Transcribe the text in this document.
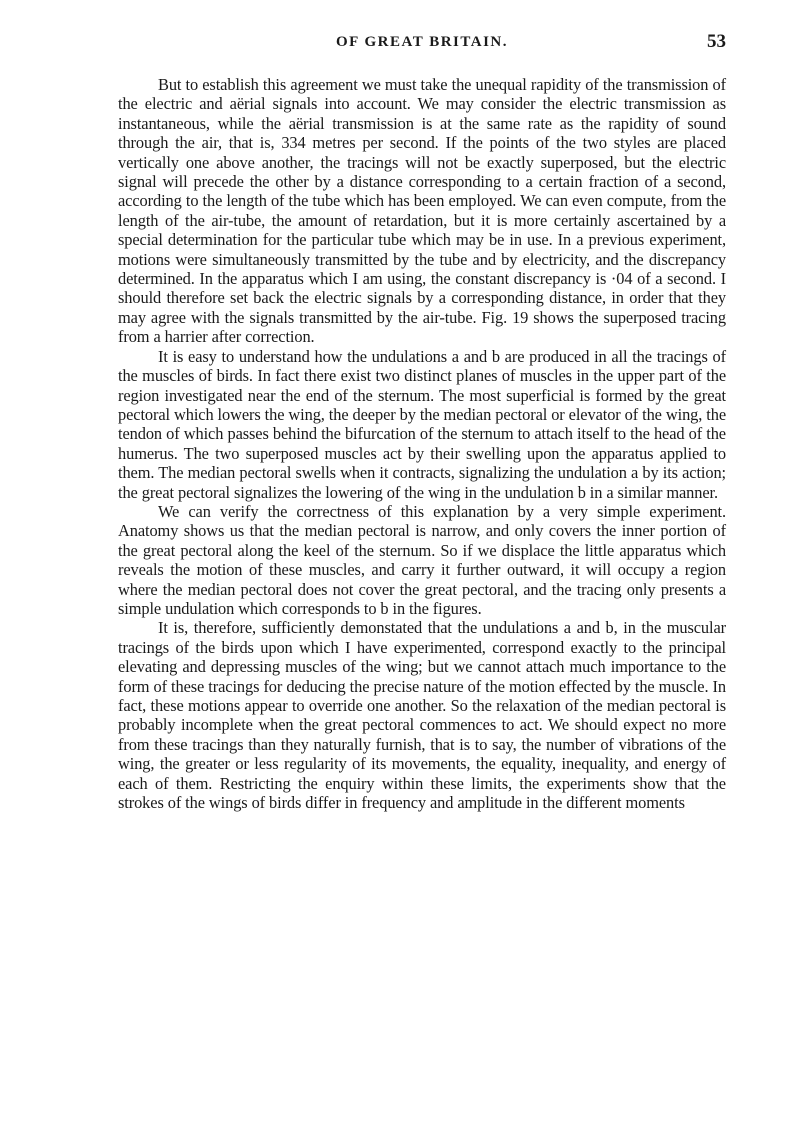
OF GREAT BRITAIN.	53

But to establish this agreement we must take the unequal rapidity of the transmission of the electric and aërial signals into account. We may consider the electric transmission as instantaneous, while the aërial transmission is at the same rate as the rapidity of sound through the air, that is, 334 metres per second. If the points of the two styles are placed vertically one above another, the tracings will not be exactly superposed, but the electric signal will precede the other by a distance corresponding to a certain fraction of a second, according to the length of the tube which has been employed. We can even compute, from the length of the air-tube, the amount of retardation, but it is more certainly ascertained by a special determination for the particular tube which may be in use. In a previous experiment, motions were simultaneously transmitted by the tube and by electricity, and the discrepancy determined. In the apparatus which I am using, the constant discrepancy is ·04 of a second. I should therefore set back the electric signals by a corresponding distance, in order that they may agree with the signals transmitted by the air-tube. Fig. 19 shows the superposed tracing from a harrier after correction.

It is easy to understand how the undulations a and b are produced in all the tracings of the muscles of birds. In fact there exist two distinct planes of muscles in the upper part of the region investigated near the end of the sternum. The most superficial is formed by the great pectoral which lowers the wing, the deeper by the median pectoral or elevator of the wing, the tendon of which passes behind the bifurcation of the sternum to attach itself to the head of the humerus. The two superposed muscles act by their swelling upon the apparatus applied to them. The median pectoral swells when it contracts, signalizing the undulation a by its action; the great pectoral signalizes the lowering of the wing in the undulation b in a similar manner.

We can verify the correctness of this explanation by a very simple experiment. Anatomy shows us that the median pectoral is narrow, and only covers the inner portion of the great pectoral along the keel of the sternum. So if we displace the little apparatus which reveals the motion of these muscles, and carry it further outward, it will occupy a region where the median pectoral does not cover the great pectoral, and the tracing only presents a simple undulation which corresponds to b in the figures.

It is, therefore, sufficiently demonstated that the undulations a and b, in the muscular tracings of the birds upon which I have experimented, correspond exactly to the principal elevating and depressing muscles of the wing; but we cannot attach much importance to the form of these tracings for deducing the precise nature of the motion effected by the muscle. In fact, these motions appear to override one another. So the relaxation of the median pectoral is probably incomplete when the great pectoral commences to act. We should expect no more from these tracings than they naturally furnish, that is to say, the number of vibrations of the wing, the greater or less regularity of its movements, the equality, inequality, and energy of each of them. Restricting the enquiry within these limits, the experiments show that the strokes of the wings of birds differ in frequency and amplitude in the different moments
